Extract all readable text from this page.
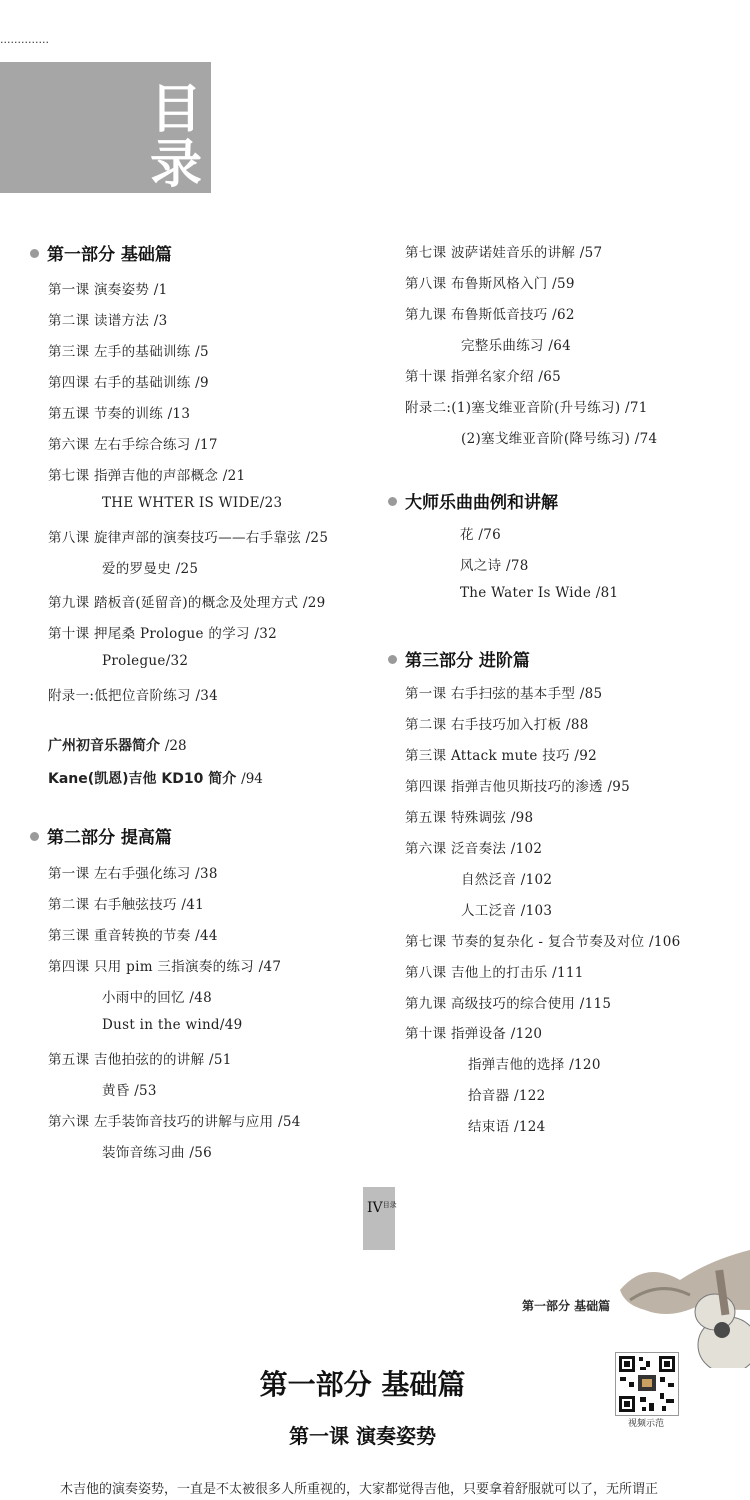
..............
目
录
第一部分 基础篇
第一课 演奏姿势 /1
第二课 读谱方法 /3
第三课 左手的基础训练 /5
第四课 右手的基础训练 /9
第五课 节奏的训练 /13
第六课 左右手综合练习 /17
第七课 指弹吉他的声部概念 /21
THE WHTER IS WIDE/23
第八课 旋律声部的演奏技巧——右手靠弦 /25
爱的罗曼史 /25
第九课 踏板音(延留音)的概念及处理方式 /29
第十课 押尾桑 Prologue 的学习 /32
Prolegue/32
附录一:低把位音阶练习 /34
广州初音乐器简介 /28
Kane(凯恩)吉他 KD10 简介 /94
第二部分 提高篇
第一课 左右手强化练习 /38
第二课 右手触弦技巧 /41
第三课 重音转换的节奏 /44
第四课 只用 pim 三指演奏的练习 /47
小雨中的回忆 /48
Dust in the wind/49
第五课 吉他拍弦的的讲解 /51
黄昏 /53
第六课 左手装饰音技巧的讲解与应用 /54
装饰音练习曲 /56
第七课 波萨诺娃音乐的讲解 /57
第八课 布鲁斯风格入门 /59
第九课 布鲁斯低音技巧 /62
完整乐曲练习 /64
第十课 指弹名家介绍 /65
附录二:(1)塞戈维亚音阶(升号练习) /71
(2)塞戈维亚音阶(降号练习) /74
大师乐曲曲例和讲解
花 /76
风之诗 /78
The Water Is Wide /81
第三部分 进阶篇
第一课 右手扫弦的基本手型 /85
第二课 右手技巧加入打板 /88
第三课 Attack mute 技巧 /92
第四课 指弹吉他贝斯技巧的渗透 /95
第五课 特殊调弦 /98
第六课 泛音奏法 /102
自然泛音 /102
人工泛音 /103
第七课 节奏的复杂化 - 复合节奏及对位 /106
第八课 吉他上的打击乐 /111
第九课 高级技巧的综合使用 /115
第十课 指弹设备 /120
指弹吉他的选择 /120
拾音器 /122
结束语 /124
$IV^{目录}$
第一部分 基础篇
视频示范
第一部分 基础篇
第一课 演奏姿势
木吉他的演奏姿势，一直是不太被很多人所重视的，大家都觉得吉他，只要拿着舒服就可以了，无所谓正
